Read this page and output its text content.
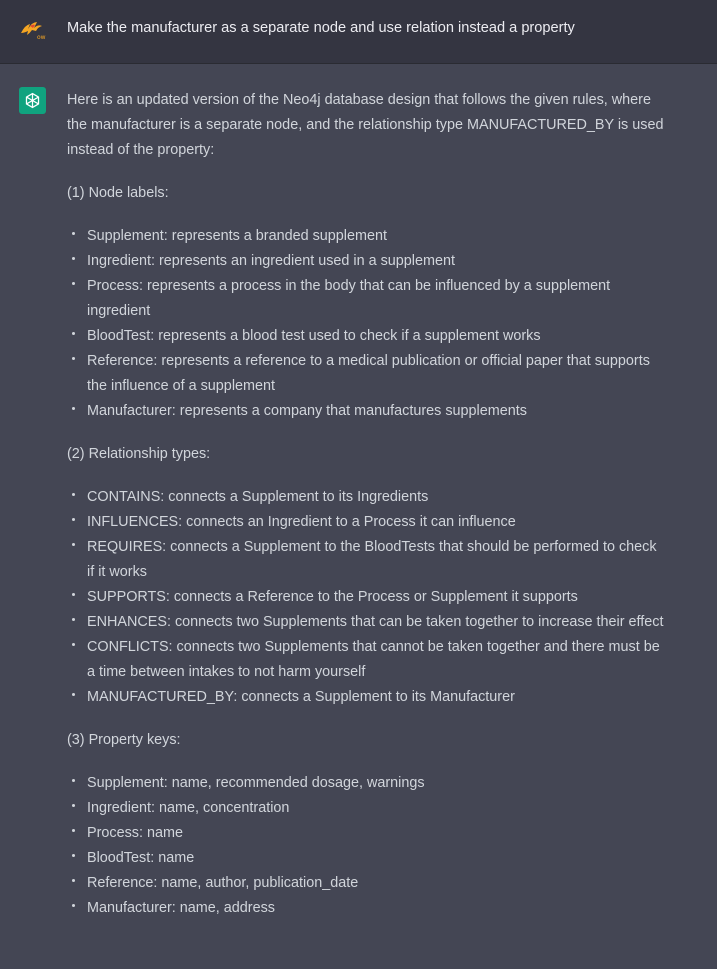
ow
Make the manufacturer as a separate node and use relation instead a property

Here is an updated version of the Neo4j database design that follows the given rules, where the manufacturer is a separate node, and the relationship type MANUFACTURED_BY is used instead of the property:

(1) Node labels:

Supplement: represents a branded supplement
Ingredient: represents an ingredient used in a supplement
Process: represents a process in the body that can be influenced by a supplement ingredient
BloodTest: represents a blood test used to check if a supplement works
Reference: represents a reference to a medical publication or official paper that supports the influence of a supplement
Manufacturer: represents a company that manufactures supplements

(2) Relationship types:

CONTAINS: connects a Supplement to its Ingredients
INFLUENCES: connects an Ingredient to a Process it can influence
REQUIRES: connects a Supplement to the BloodTests that should be performed to check if it works
SUPPORTS: connects a Reference to the Process or Supplement it supports
ENHANCES: connects two Supplements that can be taken together to increase their effect
CONFLICTS: connects two Supplements that cannot be taken together and there must be a time between intakes to not harm yourself
MANUFACTURED_BY: connects a Supplement to its Manufacturer

(3) Property keys:

Supplement: name, recommended dosage, warnings
Ingredient: name, concentration
Process: name
BloodTest: name
Reference: name, author, publication_date
Manufacturer: name, address
